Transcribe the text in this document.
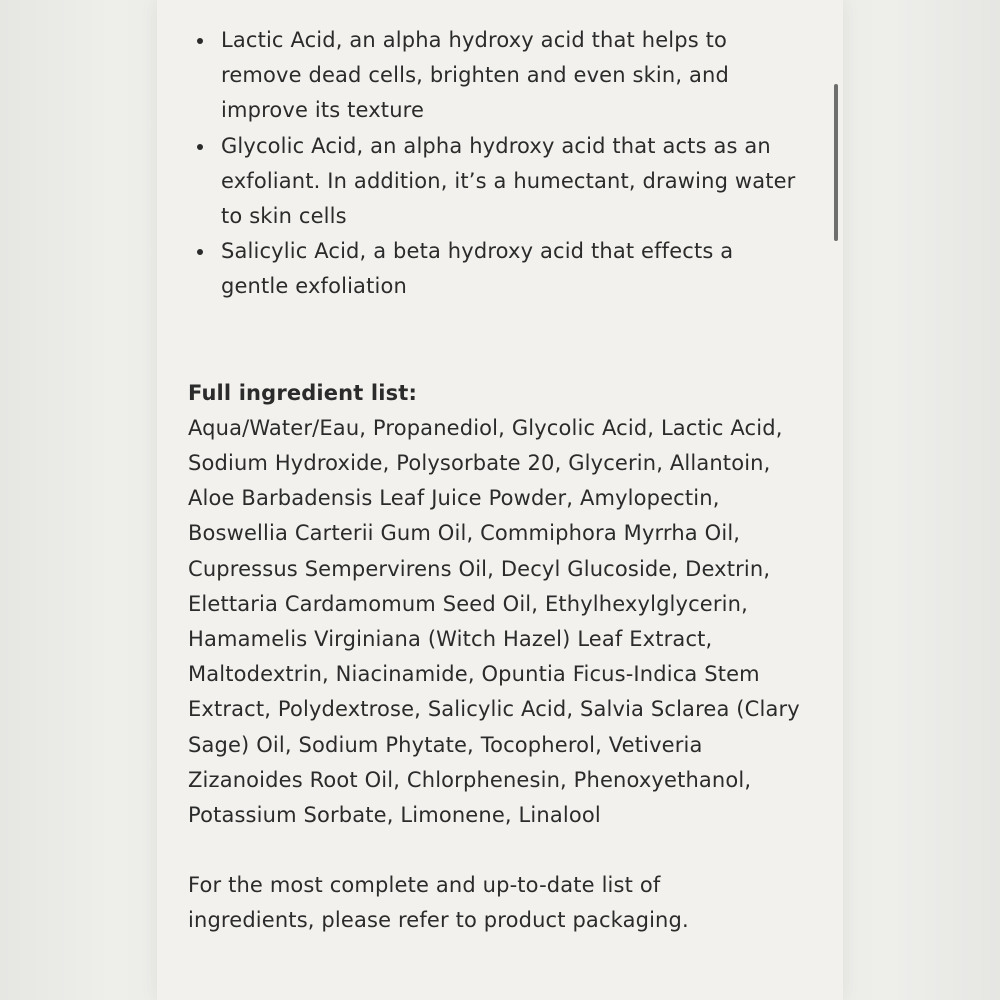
Lactic Acid, an alpha hydroxy acid that helps to remove dead cells, brighten and even skin, and improve its texture
Glycolic Acid, an alpha hydroxy acid that acts as an exfoliant. In addition, it’s a humectant, drawing water to skin cells
Salicylic Acid, a beta hydroxy acid that effects a gentle exfoliation
Full ingredient list:
Aqua/Water/Eau, Propanediol, Glycolic Acid, Lactic Acid, Sodium Hydroxide, Polysorbate 20, Glycerin, Allantoin, Aloe Barbadensis Leaf Juice Powder, Amylopectin, Boswellia Carterii Gum Oil, Commiphora Myrrha Oil, Cupressus Sempervirens Oil, Decyl Glucoside, Dextrin, Elettaria Cardamomum Seed Oil, Ethylhexylglycerin, Hamamelis Virginiana (Witch Hazel) Leaf Extract, Maltodextrin, Niacinamide, Opuntia Ficus-Indica Stem Extract, Polydextrose, Salicylic Acid, Salvia Sclarea (Clary Sage) Oil, Sodium Phytate, Tocopherol, Vetiveria Zizanoides Root Oil, Chlorphenesin, Phenoxyethanol, Potassium Sorbate, Limonene, Linalool
For the most complete and up-to-date list of ingredients, please refer to product packaging.
